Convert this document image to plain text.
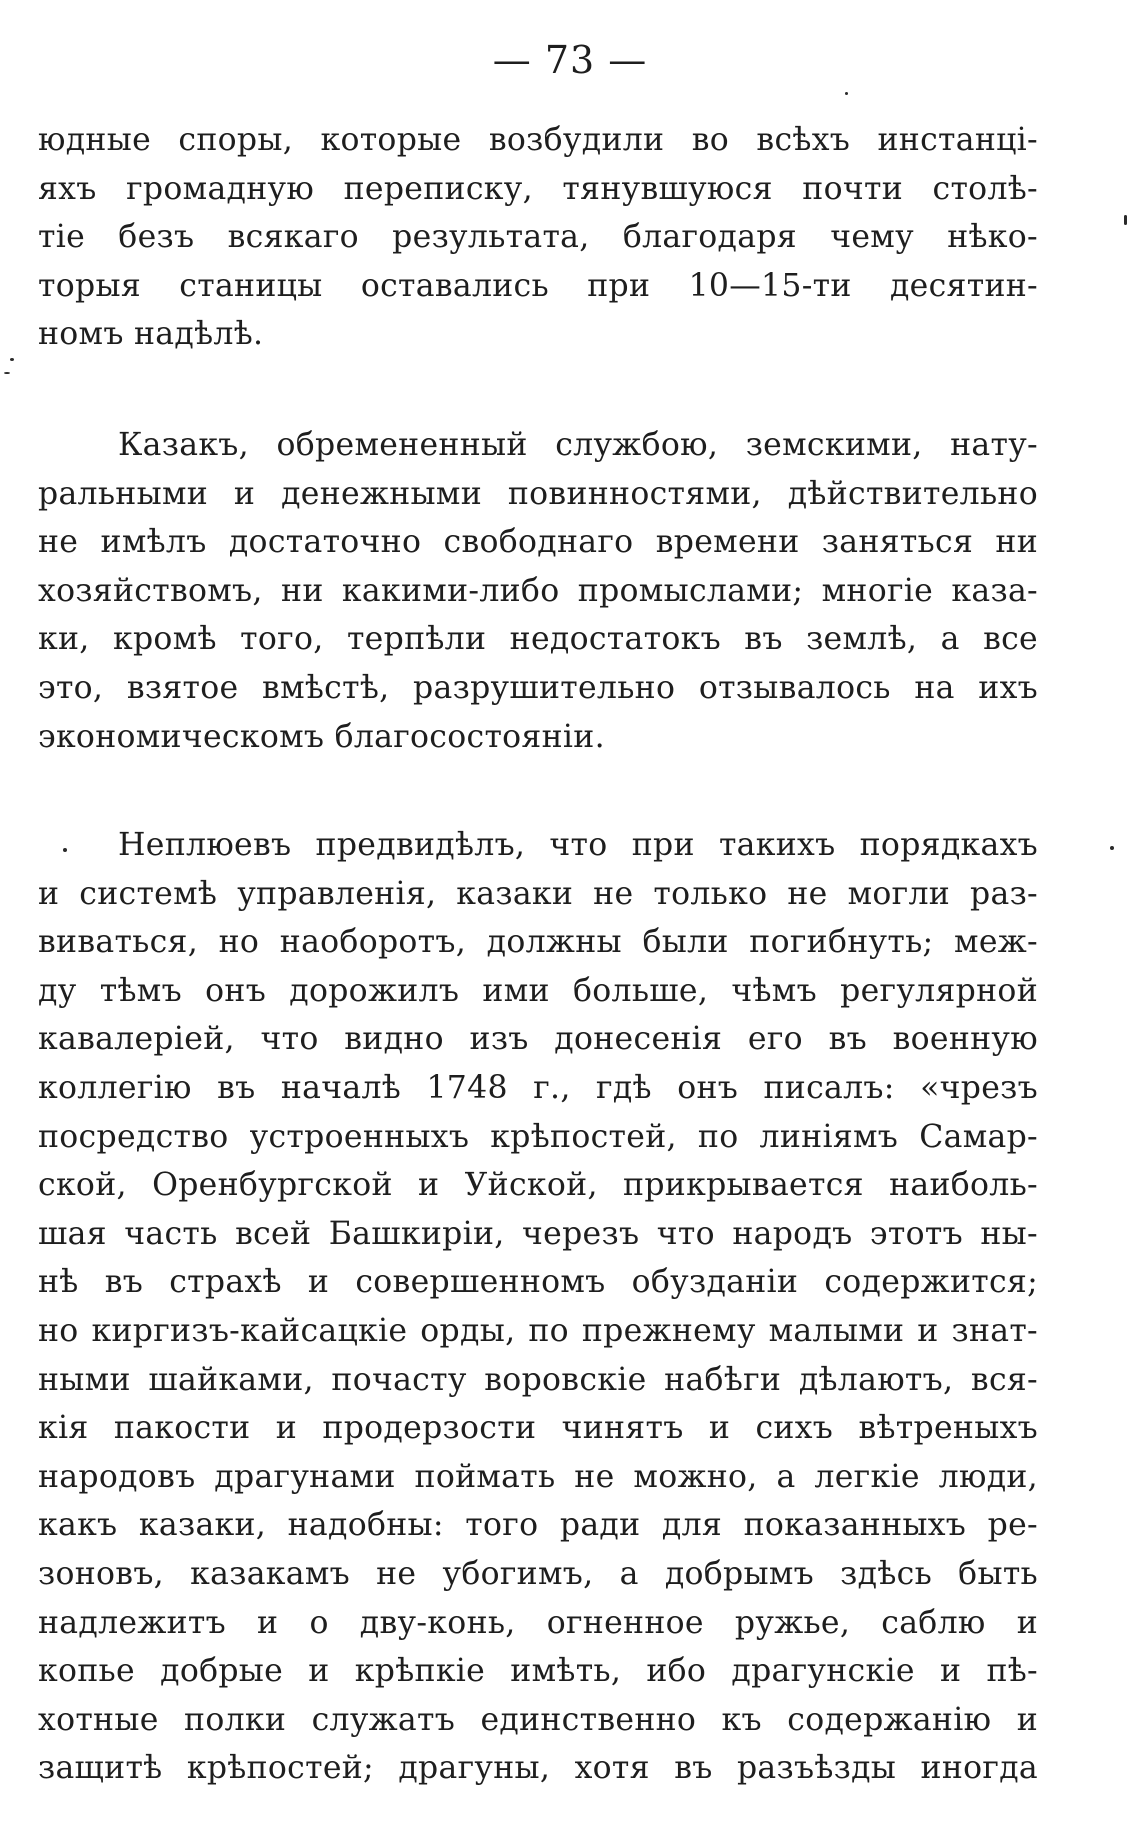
— 73 —
юдные споры, которые возбудили во всѣхъ инстанці-
яхъ громадную переписку, тянувшуюся почти столѣ-
тіе безъ всякаго результата, благодаря чему нѣко-
торыя станицы оставались при 10—15-ти десятин-
номъ надѣлѣ.
Казакъ, обремененный службою, земскими, нату-
ральными и денежными повинностями, дѣйствительно
не имѣлъ достаточно свободнаго времени заняться ни
хозяйствомъ, ни какими-либо промыслами; многіе каза-
ки, кромѣ того, терпѣли недостатокъ въ землѣ, а все
это, взятое вмѣстѣ, разрушительно отзывалось на ихъ
экономическомъ благосостояніи.
Неплюевъ предвидѣлъ, что при такихъ порядкахъ
и системѣ управленія, казаки не только не могли раз-
виваться, но наоборотъ, должны были погибнуть; меж-
ду тѣмъ онъ дорожилъ ими больше, чѣмъ регулярной
кавалеріей, что видно изъ донесенія его въ военную
коллегію въ началѣ 1748 г., гдѣ онъ писалъ: «чрезъ
посредство устроенныхъ крѣпостей, по линіямъ Самар-
ской, Оренбургской и Уйской, прикрывается наиболь-
шая часть всей Башкиріи, черезъ что народъ этотъ ны-
нѣ въ страхѣ и совершенномъ обузданіи содержится;
но киргизъ-кайсацкіе орды, по прежнему малыми и знат-
ными шайками, почасту воровскіе набѣги дѣлаютъ, вся-
кія пакости и продерзости чинятъ и сихъ вѣтреныхъ
народовъ драгунами поймать не можно, а легкіе люди,
какъ казаки, надобны: того ради для показанныхъ ре-
зоновъ, казакамъ не убогимъ, а добрымъ здѣсь быть
надлежитъ и о дву-конь, огненное ружье, саблю и
копье добрые и крѣпкіе имѣть, ибо драгунскіе и пѣ-
хотные полки служатъ единственно къ содержанію и
защитѣ крѣпостей; драгуны, хотя въ разъѣзды иногда
